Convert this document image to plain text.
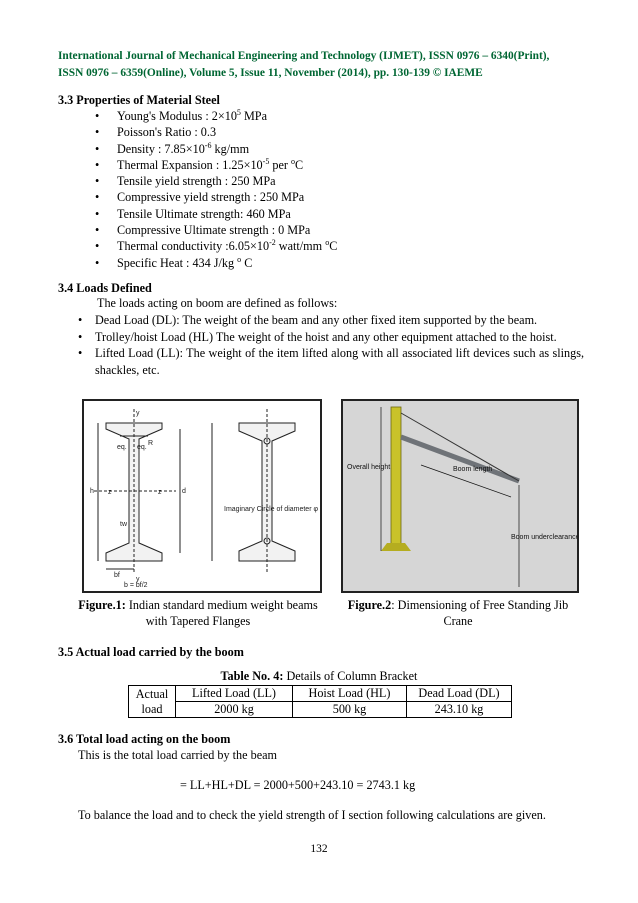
International Journal of Mechanical Engineering and Technology (IJMET), ISSN 0976 – 6340(Print),
ISSN 0976 – 6359(Online), Volume 5, Issue 11, November (2014), pp. 130-139 © IAEME
3.3 Properties of Material Steel
• Young's Modulus : $2\times 10^5$ MPa
• Poisson's Ratio : 0.3
• Density : $7.85\times 10^{-6}$ kg/mm
• Thermal Expansion : $1.25\times 10^{-5}$ per $^o$C
• Tensile yield strength : 250 MPa
• Compressive yield strength : 250 MPa
• Tensile Ultimate strength: 460 MPa
• Compressive Ultimate strength : 0 MPa
• Thermal conductivity $:6.05\times 10^{-2}$ watt/mm $^o$C
• Specific Heat : 434 J/kg $^o$ C
3.4 Loads Defined
The loads acting on boom are defined as follows:
• Dead Load (DL): The weight of the beam and any other fixed item supported by the beam.
• Trolley/hoist Load (HL) The weight of the hoist and any other equipment attached to the hoist.
• Lifted Load (LL): The weight of the item lifted along with all associated lift devices such as slings, shackles, etc.
y
y
z	z	d
h
tw
bf
eq. eq.
R
b = bf/2
Imaginary Circle of diameter φ
Figure.1: Indian standard medium weight beams with Tapered Flanges
Overall height	Boom length
Boom underclearance
Figure.2: Dimensioning of Free Standing Jib Crane
3.5 Actual load carried by the boom
Table No. 4: Details of Column Bracket
Actual load	Lifted Load (LL)	Hoist Load (HL)	Dead Load (DL)
	2000 kg	500 kg	243.10 kg
3.6 Total load acting on the boom
This is the total load carried by the beam
= LL+HL+DL = 2000+500+243.10 = 2743.1 kg
To balance the load and to check the yield strength of I section following calculations are given.
132
